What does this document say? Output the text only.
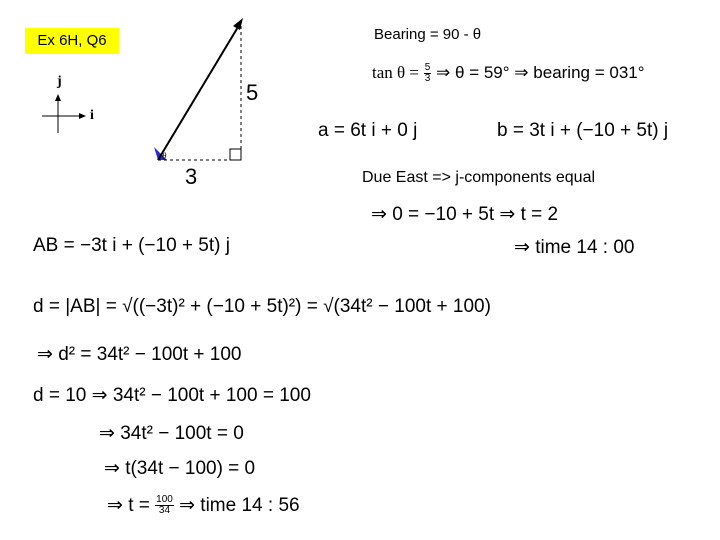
Ex 6H, Q6	Bearing = 90 - θ
j
i
5
3
θ
$\tan \theta = \frac{5}{3}$ ⇒ θ = 59° ⇒ bearing = 031°
a = 6t i + 0 j	b = 3t i + (−10 + 5t) j
Due East => j-components equal
⇒ 0 = −10 + 5t ⇒ t = 2
⇒ time 14 : 00
AB = −3t i + (−10 + 5t) j
d = |AB| = √((−3t)² + (−10 + 5t)²) = √(34t² − 100t + 100)
⇒ d² = 34t² − 100t + 100
d = 10 ⇒ 34t² − 100t + 100 = 100
⇒ 34t² − 100t = 0
⇒ t(34t − 100) = 0
⇒ $t = \frac{100}{34}$ ⇒ time 14 : 56
